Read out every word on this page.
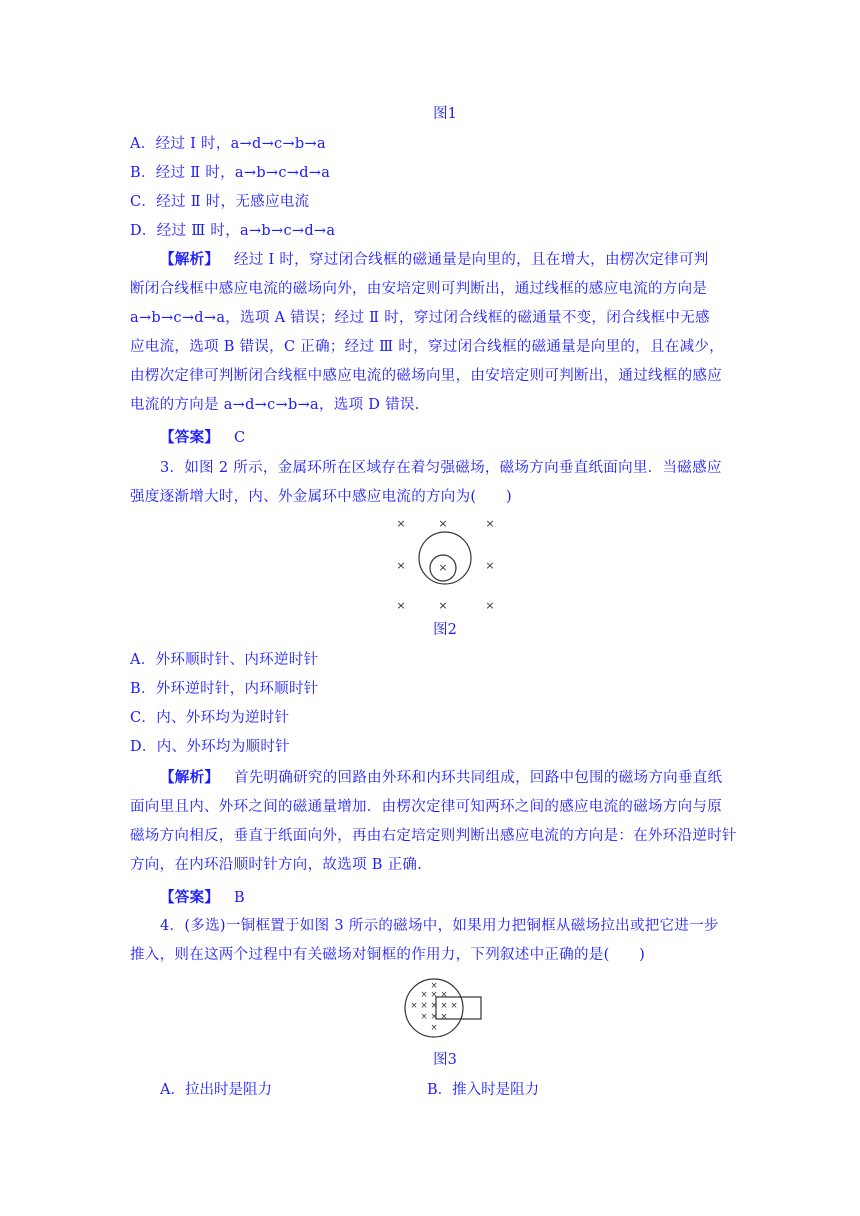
图1
A．经过 Ⅰ 时，a→d→c→b→a
B．经过 Ⅱ 时，a→b→c→d→a
C．经过 Ⅱ 时，无感应电流
D．经过 Ⅲ 时，a→b→c→d→a
【解析】 经过 Ⅰ 时，穿过闭合线框的磁通量是向里的，且在增大，由楞次定律可判
断闭合线框中感应电流的磁场向外，由安培定则可判断出，通过线框的感应电流的方向是
a→b→c→d→a，选项 A 错误；经过 Ⅱ 时，穿过闭合线框的磁通量不变，闭合线框中无感
应电流，选项 B 错误，C 正确；经过 Ⅲ 时，穿过闭合线框的磁通量是向里的，且在减少，
由楞次定律可判断闭合线框中感应电流的磁场向里，由安培定则可判断出，通过线框的感应
电流的方向是 a→d→c→b→a，选项 D 错误.
【答案】 C
3．如图 2 所示，金属环所在区域存在着匀强磁场，磁场方向垂直纸面向里．当磁感应
强度逐渐增大时，内、外金属环中感应电流的方向为(　　)
×	×	×
×	×
×	×	×
×
图2
A．外环顺时针、内环逆时针
B．外环逆时针，内环顺时针
C．内、外环均为逆时针
D．内、外环均为顺时针
【解析】 首先明确研究的回路由外环和内环共同组成，回路中包围的磁场方向垂直纸
面向里且内、外环之间的磁通量增加．由楞次定律可知两环之间的感应电流的磁场方向与原
磁场方向相反，垂直于纸面向外，再由右定培定则判断出感应电流的方向是：在外环沿逆时针
方向，在内环沿顺时针方向，故选项 B 正确.
【答案】 B
4．(多选)一铜框置于如图 3 所示的磁场中，如果用力把铜框从磁场拉出或把它进一步
推入，则在这两个过程中有关磁场对铜框的作用力，下列叙述中正确的是(　　)
×
× × ×
× × × × ×
× × ×
×
图3
A．拉出时是阻力	B．推入时是阻力
